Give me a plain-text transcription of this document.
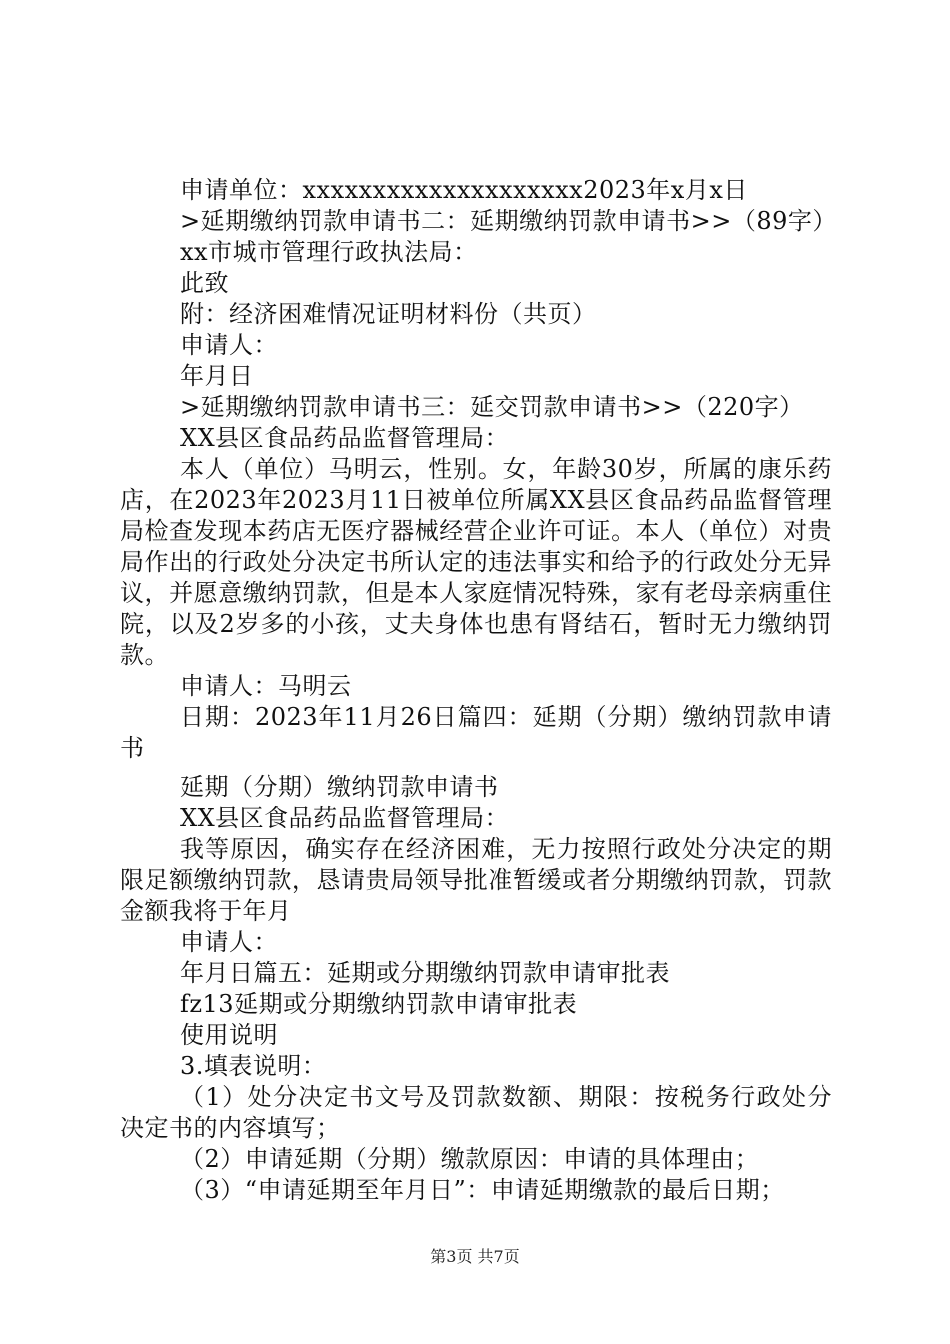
申请单位：xxxxxxxxxxxxxxxxxxxx2023年x月x日
>延期缴纳罚款申请书二：延期缴纳罚款申请书>>（89字）
xx市城市管理行政执法局：
此致
附：经济困难情况证明材料份（共页）
申请人：
年月日
>延期缴纳罚款申请书三：延交罚款申请书>>（220字）
XX县区食品药品监督管理局：
本人（单位）马明云，性别。女，年龄30岁，所属的康乐药店，在2023年2023月11日被单位所属XX县区食品药品监督管理局检查发现本药店无医疗器械经营企业许可证。本人（单位）对贵局作出的行政处分决定书所认定的违法事实和给予的行政处分无异议，并愿意缴纳罚款，但是本人家庭情况特殊，家有老母亲病重住院，以及2岁多的小孩，丈夫身体也患有肾结石，暂时无力缴纳罚款。
申请人：马明云
日期：2023年11月26日篇四：延期（分期）缴纳罚款申请书
延期（分期）缴纳罚款申请书
XX县区食品药品监督管理局：
我等原因，确实存在经济困难，无力按照行政处分决定的期限足额缴纳罚款，恳请贵局领导批准暂缓或者分期缴纳罚款，罚款金额我将于年月
申请人：
年月日篇五：延期或分期缴纳罚款申请审批表
fz13延期或分期缴纳罚款申请审批表
使用说明
3.填表说明：
（1）处分决定书文号及罚款数额、期限：按税务行政处分决定书的内容填写；
（2）申请延期（分期）缴款原因：申请的具体理由；
（3）“申请延期至年月日”：申请延期缴款的最后日期；
第3页 共7页
